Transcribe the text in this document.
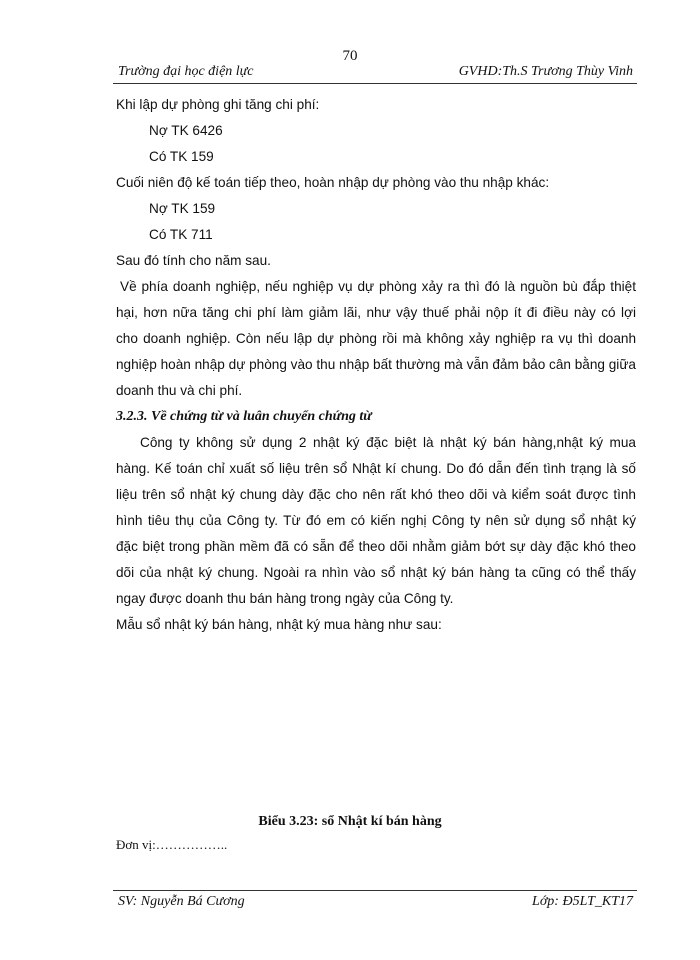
70
Trường đại học điện lực	GVHD:Th.S Trương Thùy Vinh
Khi lập dự phòng ghi tăng chi phí:
Nợ TK 6426
Có TK 159
Cuối niên độ kế toán tiếp theo, hoàn nhập dự phòng vào thu nhập khác:
Nợ TK 159
Có TK 711
Sau đó tính cho năm sau.
Về phía doanh nghiệp, nếu nghiệp vụ dự phòng xảy ra thì đó là nguồn bù đắp thiệt
hại, hơn nữa tăng chi phí làm giảm lãi, như vậy thuế phải nộp ít đi điều này có lợi
cho doanh nghiệp. Còn nếu lập dự phòng rồi mà không xảy nghiệp ra vụ thì doanh
nghiệp hoàn nhập dự phòng vào thu nhập bất thường mà vẫn đảm bảo cân bằng giữa
doanh thu và chi phí.
3.2.3. Về chứng từ và luân chuyển chứng từ
Công ty không sử dụng 2 nhật ký đặc biệt là nhật ký bán hàng,nhật ký mua
hàng. Kế toán chỉ xuất số liệu trên sổ Nhật kí chung. Do đó dẫn đến tình trạng là số
liệu trên sổ nhật ký chung dày đặc cho nên rất khó theo dõi và kiểm soát được tình
hình tiêu thụ của Công ty. Từ đó em có kiến nghị Công ty nên sử dụng sổ nhật ký
đặc biệt trong phần mềm đã có sẵn để theo dõi nhằm giảm bớt sự dày đặc khó theo
dõi của nhật ký chung. Ngoài ra nhìn vào sổ nhật ký bán hàng ta cũng có thể thấy
ngay được doanh thu bán hàng trong ngày của Công ty.
Mẫu sổ nhật ký bán hàng, nhật ký mua hàng như sau:
Biểu 3.23: sổ Nhật kí bán hàng
Đơn vị:……………..
SV: Nguyễn Bá Cương	Lớp: Đ5LT_KT17
